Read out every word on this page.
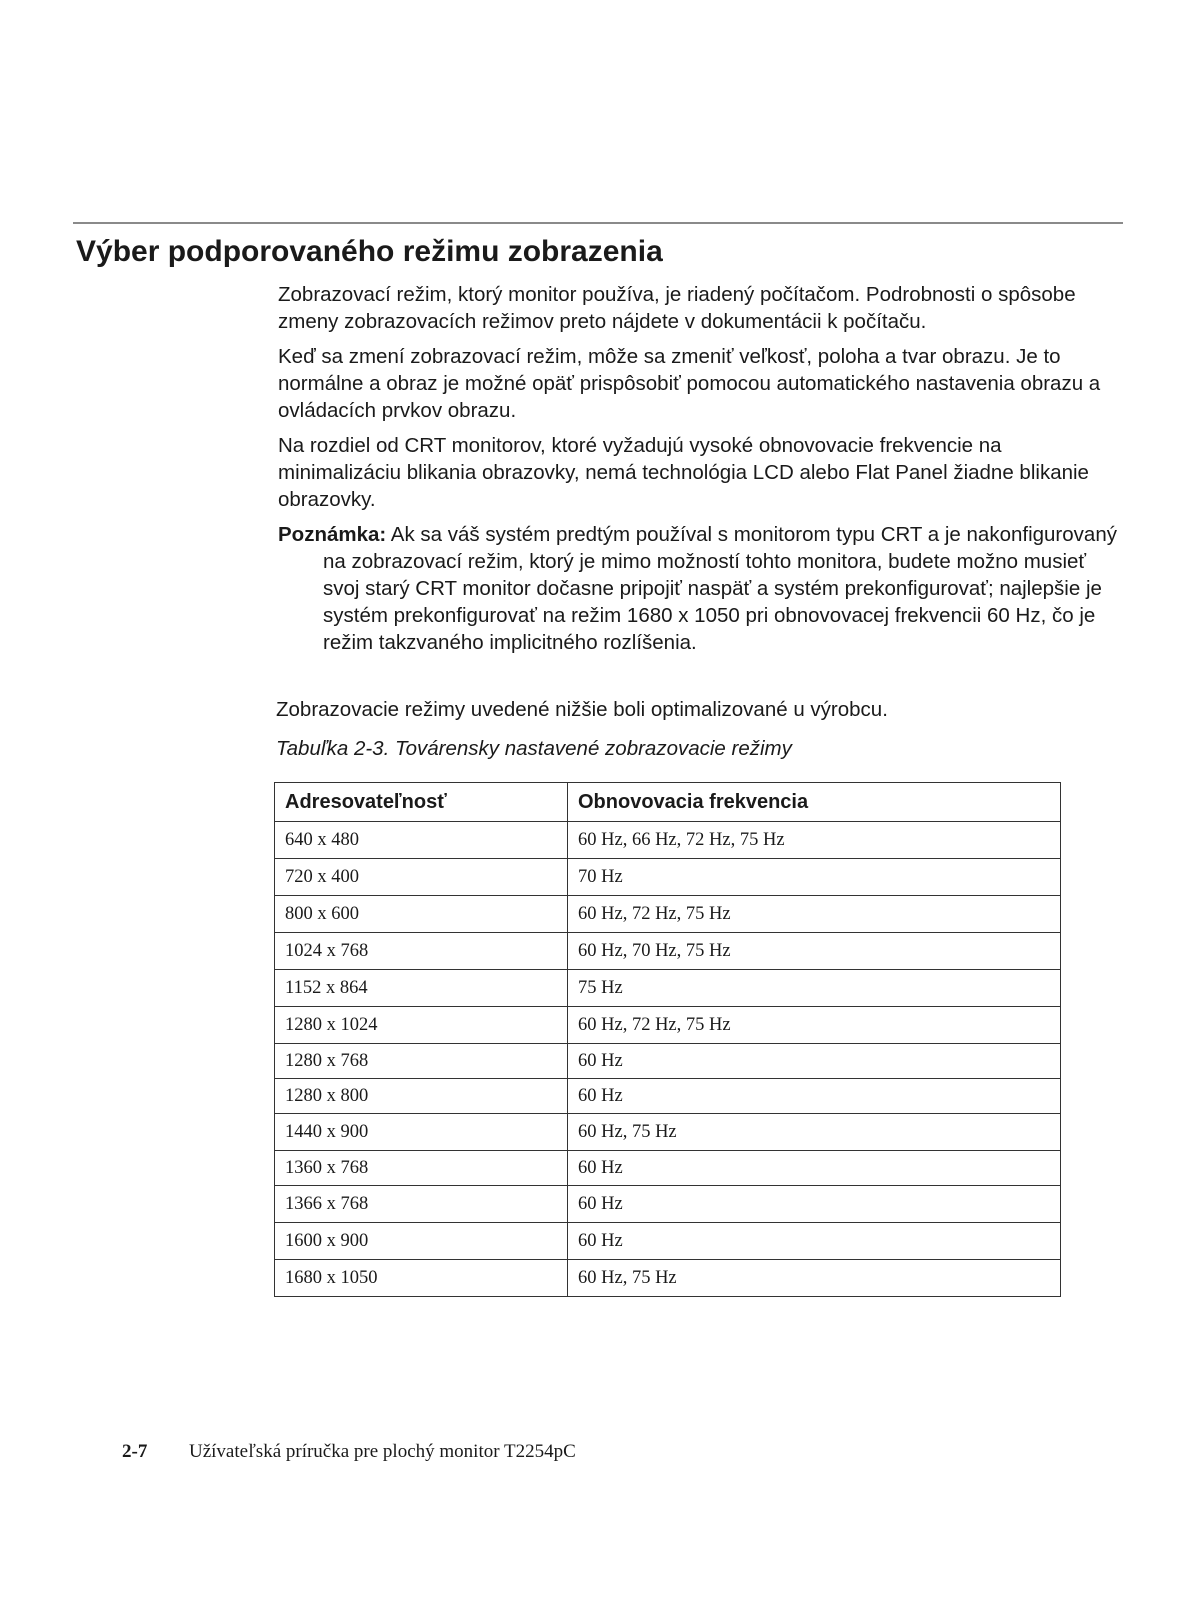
Výber podporovaného režimu zobrazenia

Zobrazovací režim, ktorý monitor používa, je riadený počítačom. Podrobnosti o spôsobe zmeny zobrazovacích režimov preto nájdete v dokumentácii k počítaču.

Keď sa zmení zobrazovací režim, môže sa zmeniť veľkosť, poloha a tvar obrazu. Je to normálne a obraz je možné opäť prispôsobiť pomocou automatického nastavenia obrazu a ovládacích prvkov obrazu.

Na rozdiel od CRT monitorov, ktoré vyžadujú vysoké obnovovacie frekvencie na minimalizáciu blikania obrazovky, nemá technológia LCD alebo Flat Panel žiadne blikanie obrazovky.

Poznámka: Ak sa váš systém predtým používal s monitorom typu CRT a je nakonfigurovaný na zobrazovací režim, ktorý je mimo možností tohto monitora, budete možno musieť svoj starý CRT monitor dočasne pripojiť naspäť a systém prekonfigurovať; najlepšie je systém prekonfigurovať na režim 1680 x 1050 pri obnovovacej frekvencii 60 Hz, čo je režim takzvaného implicitného rozlíšenia.

Zobrazovacie režimy uvedené nižšie boli optimalizované u výrobcu.

Tabuľka 2-3. Továrensky nastavené zobrazovacie režimy

Adresovateľnosť	Obnovovacia frekvencia
640 x 480	60 Hz, 66 Hz, 72 Hz, 75 Hz
720 x 400	70 Hz
800 x 600	60 Hz, 72 Hz, 75 Hz
1024 x 768	60 Hz, 70 Hz, 75 Hz
1152 x 864	75 Hz
1280 x 1024	60 Hz, 72 Hz, 75 Hz
1280 x 768	60 Hz
1280 x 800	60 Hz
1440 x 900	60 Hz, 75 Hz
1360 x 768	60 Hz
1366 x 768	60 Hz
1600 x 900	60 Hz
1680 x 1050	60 Hz, 75 Hz
2-7 Užívateľská príručka pre plochý monitor T2254pC
